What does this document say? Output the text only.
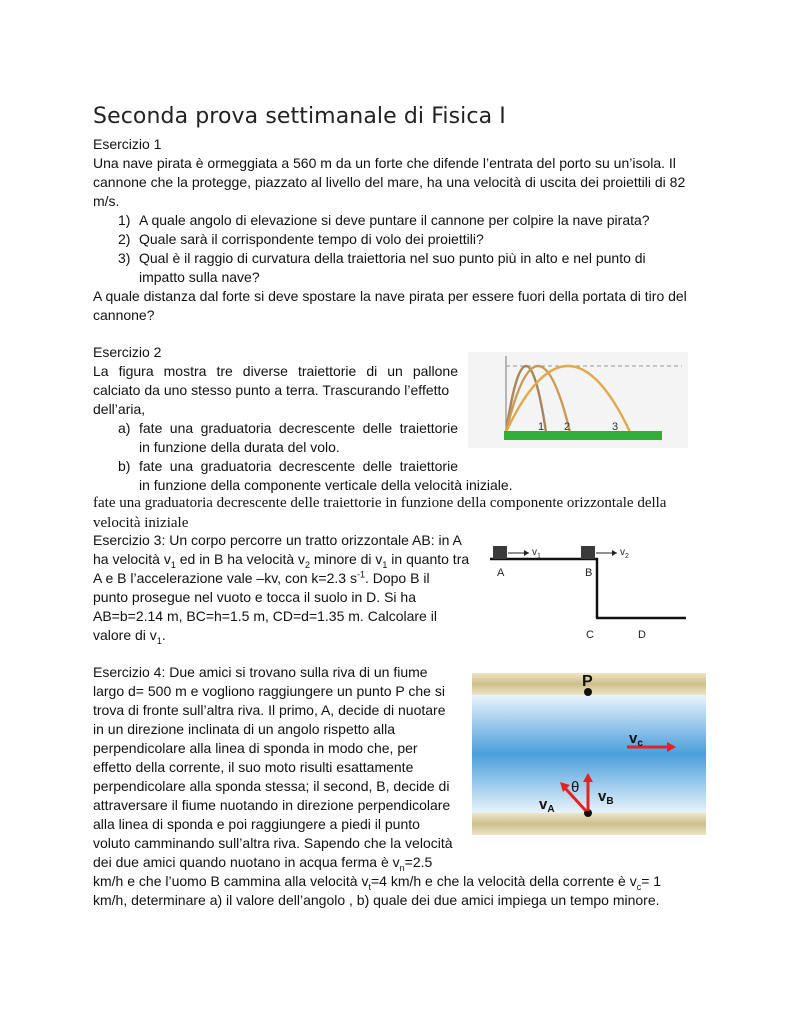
Seconda prova settimanale di Fisica I
Esercizio 1
Una nave pirata è ormeggiata a 560 m da un forte che difende l’entrata del porto su un’isola. Il
cannone che la protegge, piazzato al livello del mare, ha una velocità di uscita dei proiettili di 82
m/s.
1) A quale angolo di elevazione si deve puntare il cannone per colpire la nave pirata?
2) Quale sarà il corrispondente tempo di volo dei proiettili?
3) Qual è il raggio di curvatura della traiettoria nel suo punto più in alto e nel punto di
impatto sulla nave?
A quale distanza dal forte si deve spostare la nave pirata per essere fuori della portata di tiro del
cannone?
Esercizio 2
La figura mostra tre diverse traiettorie di un pallone
calciato da uno stesso punto a terra. Trascurando l’effetto
dell’aria,
a) fate una graduatoria decrescente delle traiettorie
in funzione della durata del volo.
b) fate una graduatoria decrescente delle traiettorie
in funzione della componente verticale della velocità iniziale.
fate una graduatoria decrescente delle traiettorie in funzione della componente orizzontale della
velocità iniziale
1 2	3
Esercizio 3: Un corpo percorre un tratto orizzontale AB: in A
ha velocità $v_1$ ed in B ha velocità $v_2$ minore di $v_1$ in quanto tra
A e B l’accelerazione vale –kv, con k=2.3 $s^{-1}$. Dopo B il
punto prosegue nel vuoto e tocca il suolo in D. Si ha
AB=b=2.14 m, BC=h=1.5 m, CD=d=1.35 m. Calcolare il
valore di $v_1$.
$v_1$	$v_2$
A	B
C	D
Esercizio 4: Due amici si trovano sulla riva di un fiume
largo d= 500 m e vogliono raggiungere un punto P che si
trova di fronte sull’altra riva. Il primo, A, decide di nuotare
in un direzione inclinata di un angolo rispetto alla
perpendicolare alla linea di sponda in modo che, per
effetto della corrente, il suo moto risulti esattamente
perpendicolare alla sponda stessa; il second, B, decide di
attraversare il fiume nuotando in direzione perpendicolare
alla linea di sponda e poi raggiungere a piedi il punto
voluto camminando sull’altra riva. Sapendo che la velocità
dei due amici quando nuotano in acqua ferma è $v_n=2.5$
km/h e che l’uomo B cammina alla velocità $v_t=4$ km/h e che la velocità della corrente è $v_c= 1$
km/h, determinare a) il valore dell’angolo , b) quale dei due amici impiega un tempo minore.
P
$v_c$
θ
$v_B$
$v_A$
